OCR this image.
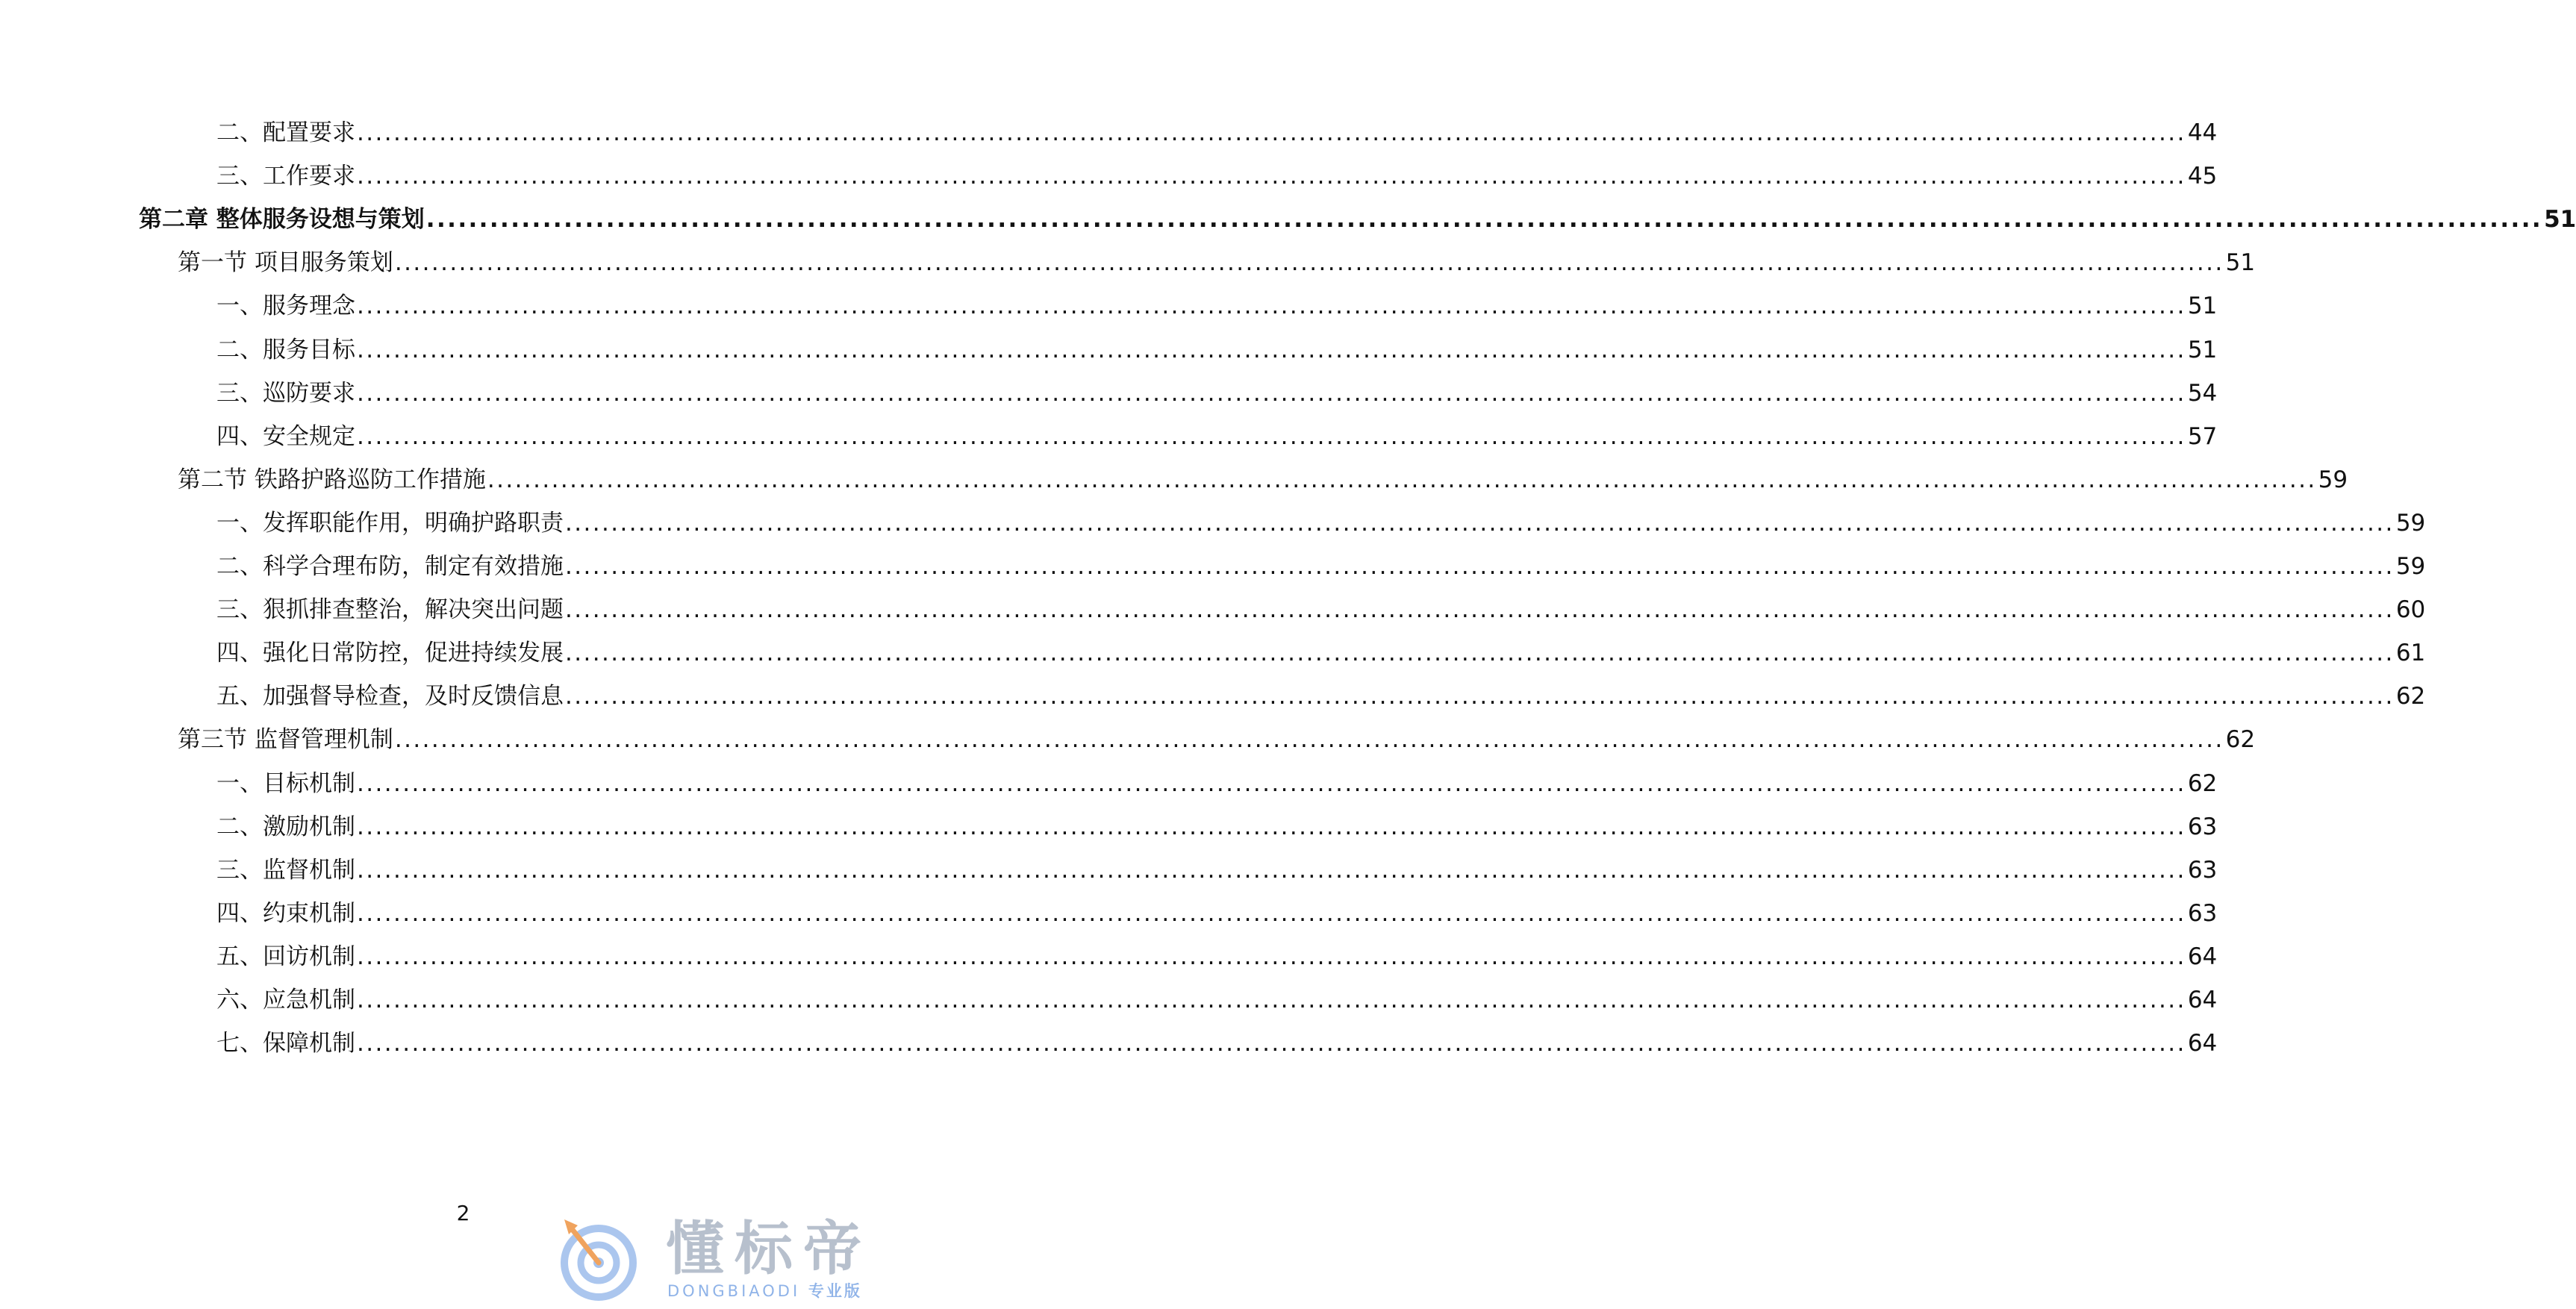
二、配置要求 ........................................................................................................................................................................................................ 44
三、工作要求 ........................................................................................................................................................................................................ 45
第二章 整体服务设想与策划 ........................................................................................................................................................................................................ 51
第一节 项目服务策划 ........................................................................................................................................................................................................ 51
一、服务理念 ........................................................................................................................................................................................................ 51
二、服务目标 ........................................................................................................................................................................................................ 51
三、巡防要求 ........................................................................................................................................................................................................ 54
四、安全规定 ........................................................................................................................................................................................................ 57
第二节 铁路护路巡防工作措施 ........................................................................................................................................................................................................ 59
一、发挥职能作用，明确护路职责 ........................................................................................................................................................................................................ 59
二、科学合理布防，制定有效措施 ........................................................................................................................................................................................................ 59
三、狠抓排查整治，解决突出问题 ........................................................................................................................................................................................................ 60
四、强化日常防控，促进持续发展 ........................................................................................................................................................................................................ 61
五、加强督导检查，及时反馈信息 ........................................................................................................................................................................................................ 62
第三节 监督管理机制 ........................................................................................................................................................................................................ 62
一、目标机制 ........................................................................................................................................................................................................ 62
二、激励机制 ........................................................................................................................................................................................................ 63
三、监督机制 ........................................................................................................................................................................................................ 63
四、约束机制 ........................................................................................................................................................................................................ 63
五、回访机制 ........................................................................................................................................................................................................ 64
六、应急机制 ........................................................................................................................................................................................................ 64
七、保障机制 ........................................................................................................................................................................................................ 64
2
懂标帝
DONGBIAODI 专业版
